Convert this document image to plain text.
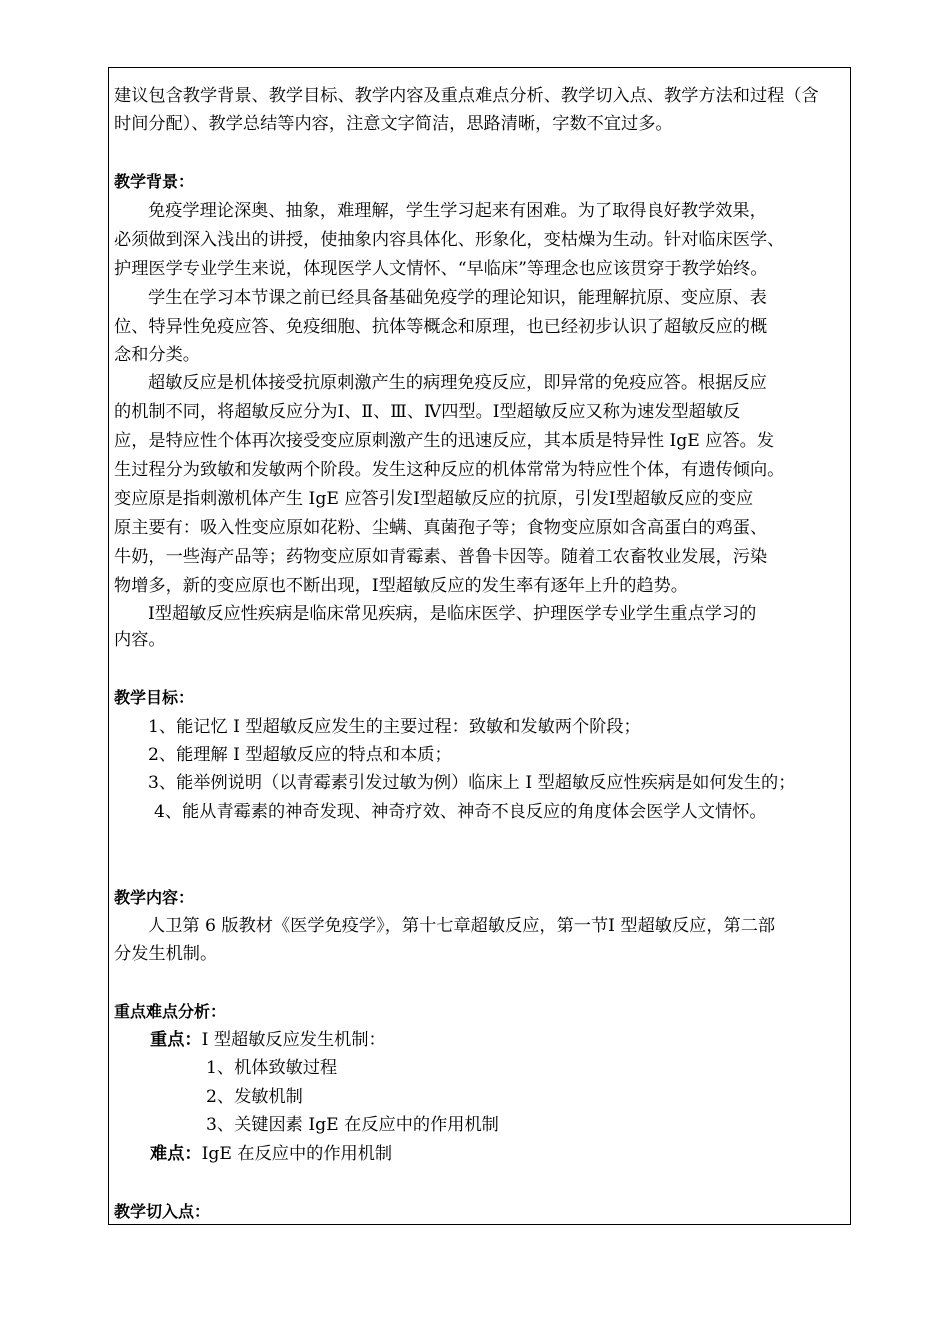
建议包含教学背景、教学目标、教学内容及重点难点分析、教学切入点、教学方法和过程（含
时间分配）、教学总结等内容，注意文字简洁，思路清晰，字数不宜过多。
教学背景：
免疫学理论深奥、抽象，难理解，学生学习起来有困难。为了取得良好教学效果，
必须做到深入浅出的讲授，使抽象内容具体化、形象化，变枯燥为生动。针对临床医学、
护理医学专业学生来说，体现医学人文情怀、“早临床”等理念也应该贯穿于教学始终。
学生在学习本节课之前已经具备基础免疫学的理论知识，能理解抗原、变应原、表
位、特异性免疫应答、免疫细胞、抗体等概念和原理，也已经初步认识了超敏反应的概
念和分类。
超敏反应是机体接受抗原刺激产生的病理免疫反应，即异常的免疫应答。根据反应
的机制不同，将超敏反应分为Ⅰ、Ⅱ、Ⅲ、Ⅳ四型。Ⅰ型超敏反应又称为速发型超敏反
应，是特应性个体再次接受变应原刺激产生的迅速反应，其本质是特异性 IgE 应答。发
生过程分为致敏和发敏两个阶段。发生这种反应的机体常常为特应性个体，有遗传倾向。
变应原是指刺激机体产生 IgE 应答引发Ⅰ型超敏反应的抗原，引发Ⅰ型超敏反应的变应
原主要有：吸入性变应原如花粉、尘螨、真菌孢子等；食物变应原如含高蛋白的鸡蛋、
牛奶，一些海产品等；药物变应原如青霉素、普鲁卡因等。随着工农畜牧业发展，污染
物增多，新的变应原也不断出现，Ⅰ型超敏反应的发生率有逐年上升的趋势。
Ⅰ型超敏反应性疾病是临床常见疾病，是临床医学、护理医学专业学生重点学习的
内容。
教学目标：
1、能记忆 I 型超敏反应发生的主要过程：致敏和发敏两个阶段；
2、能理解 I 型超敏反应的特点和本质；
3、能举例说明（以青霉素引发过敏为例）临床上 I 型超敏反应性疾病是如何发生的；
4、能从青霉素的神奇发现、神奇疗效、神奇不良反应的角度体会医学人文情怀。
教学内容：
人卫第 6 版教材《医学免疫学》，第十七章超敏反应，第一节I 型超敏反应，第二部
分发生机制。
重点难点分析：
重点：I 型超敏反应发生机制：
1、机体致敏过程
2、发敏机制
3、关键因素 IgE 在反应中的作用机制
难点：IgE 在反应中的作用机制
教学切入点：
